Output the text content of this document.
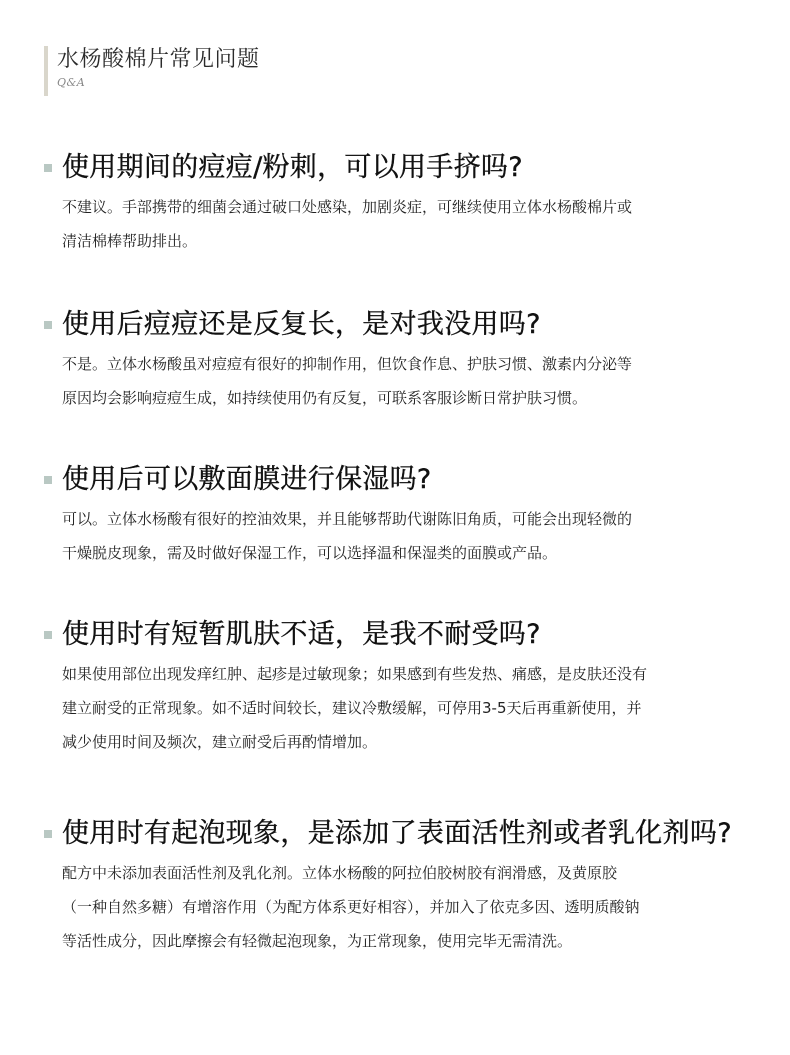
水杨酸棉片常见问题
Q&A
使用期间的痘痘/粉刺，可以用手挤吗?

不建议。手部携带的细菌会通过破口处感染，加剧炎症，可继续使用立体水杨酸棉片或

清洁棉棒帮助排出。

使用后痘痘还是反复长，是对我没用吗?

不是。立体水杨酸虽对痘痘有很好的抑制作用，但饮食作息、护肤习惯、激素内分泌等

原因均会影响痘痘生成，如持续使用仍有反复，可联系客服诊断日常护肤习惯。

使用后可以敷面膜进行保湿吗?

可以。立体水杨酸有很好的控油效果，并且能够帮助代谢陈旧角质，可能会出现轻微的

干燥脱皮现象，需及时做好保湿工作，可以选择温和保湿类的面膜或产品。

使用时有短暂肌肤不适，是我不耐受吗?

如果使用部位出现发痒红肿、起疹是过敏现象；如果感到有些发热、痛感，是皮肤还没有

建立耐受的正常现象。如不适时间较长，建议冷敷缓解，可停用3-5天后再重新使用，并

减少使用时间及频次，建立耐受后再酌情增加。

使用时有起泡现象，是添加了表面活性剂或者乳化剂吗?

配方中未添加表面活性剂及乳化剂。立体水杨酸的阿拉伯胶树胶有润滑感，及黄原胶

（一种自然多糖）有增溶作用（为配方体系更好相容），并加入了依克多因、透明质酸钠

等活性成分，因此摩擦会有轻微起泡现象，为正常现象，使用完毕无需清洗。
